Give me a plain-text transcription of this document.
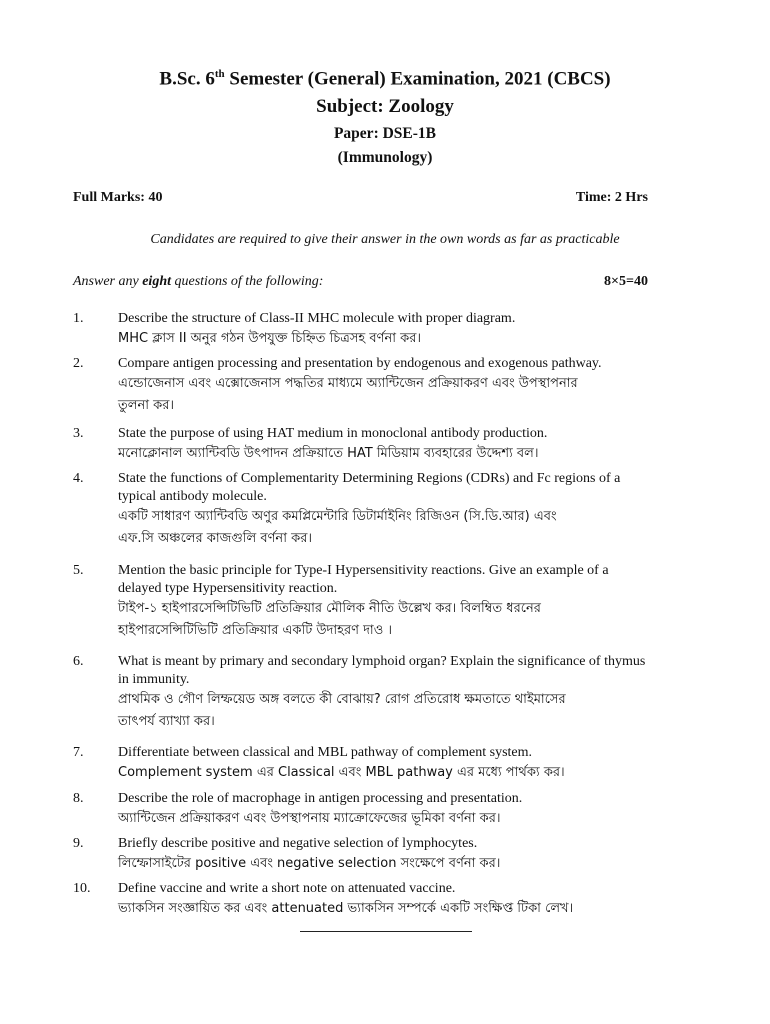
B.Sc. 6th Semester (General) Examination, 2021 (CBCS)
Subject: Zoology
Paper: DSE-1B
(Immunology)
Full Marks: 40	Time: 2 Hrs
Candidates are required to give their answer in the own words as far as practicable
Answer any eight questions of the following:	8×5=40
1. Describe the structure of Class-II MHC molecule with proper diagram.
MHC ক্লাস II অনুর গঠন উপযুক্ত চিহ্নিত চিত্রসহ বর্ণনা কর।
2. Compare antigen processing and presentation by endogenous and exogenous pathway.
এন্ডোজেনাস এবং এক্সোজেনাস পদ্ধতির মাধ্যমে অ্যান্টিজেন প্রক্রিয়াকরণ এবং উপস্থাপনার
তুলনা কর।
3. State the purpose of using HAT medium in monoclonal antibody production.
মনোক্লোনাল অ্যান্টিবডি উৎপাদন প্রক্রিয়াতে HAT মিডিয়াম ব্যবহারের উদ্দেশ্য বল।
4. State the functions of Complementarity Determining Regions (CDRs) and Fc regions of a typical antibody molecule.
একটি সাধারণ অ্যান্টিবডি অণুর কমপ্লিমেন্টারি ডিটার্মাইনিং রিজিওন (সি.ডি.আর) এবং
এফ.সি অঞ্চলের কাজগুলি বর্ণনা কর।
5. Mention the basic principle for Type-I Hypersensitivity reactions. Give an example of a delayed type Hypersensitivity reaction.
টাইপ-১ হাইপারসেন্সিটিভিটি প্রতিক্রিয়ার মৌলিক নীতি উল্লেখ কর। বিলম্বিত ধরনের
হাইপারসেন্সিটিভিটি প্রতিক্রিয়ার একটি উদাহরণ দাও ।
6. What is meant by primary and secondary lymphoid organ? Explain the significance of thymus in immunity.
প্রাথমিক ও গৌণ লিম্ফয়েড অঙ্গ বলতে কী বোঝায়? রোগ প্রতিরোধ ক্ষমতাতে থাইমাসের
তাৎপর্য ব্যাখ্যা কর।
7. Differentiate between classical and MBL pathway of complement system.
Complement system এর Classical এবং MBL pathway এর মধ্যে পার্থক্য কর।
8. Describe the role of macrophage in antigen processing and presentation.
অ্যান্টিজেন প্রক্রিয়াকরণ এবং উপস্থাপনায় ম্যাক্রোফেজের ভূমিকা বর্ণনা কর।
9. Briefly describe positive and negative selection of lymphocytes.
লিম্ফোসাইটের positive এবং negative selection সংক্ষেপে বর্ণনা কর।
10. Define vaccine and write a short note on attenuated vaccine.
ভ্যাকসিন সংজ্ঞায়িত কর এবং attenuated ভ্যাকসিন সম্পর্কে একটি সংক্ষিপ্ত টিকা লেখ।
